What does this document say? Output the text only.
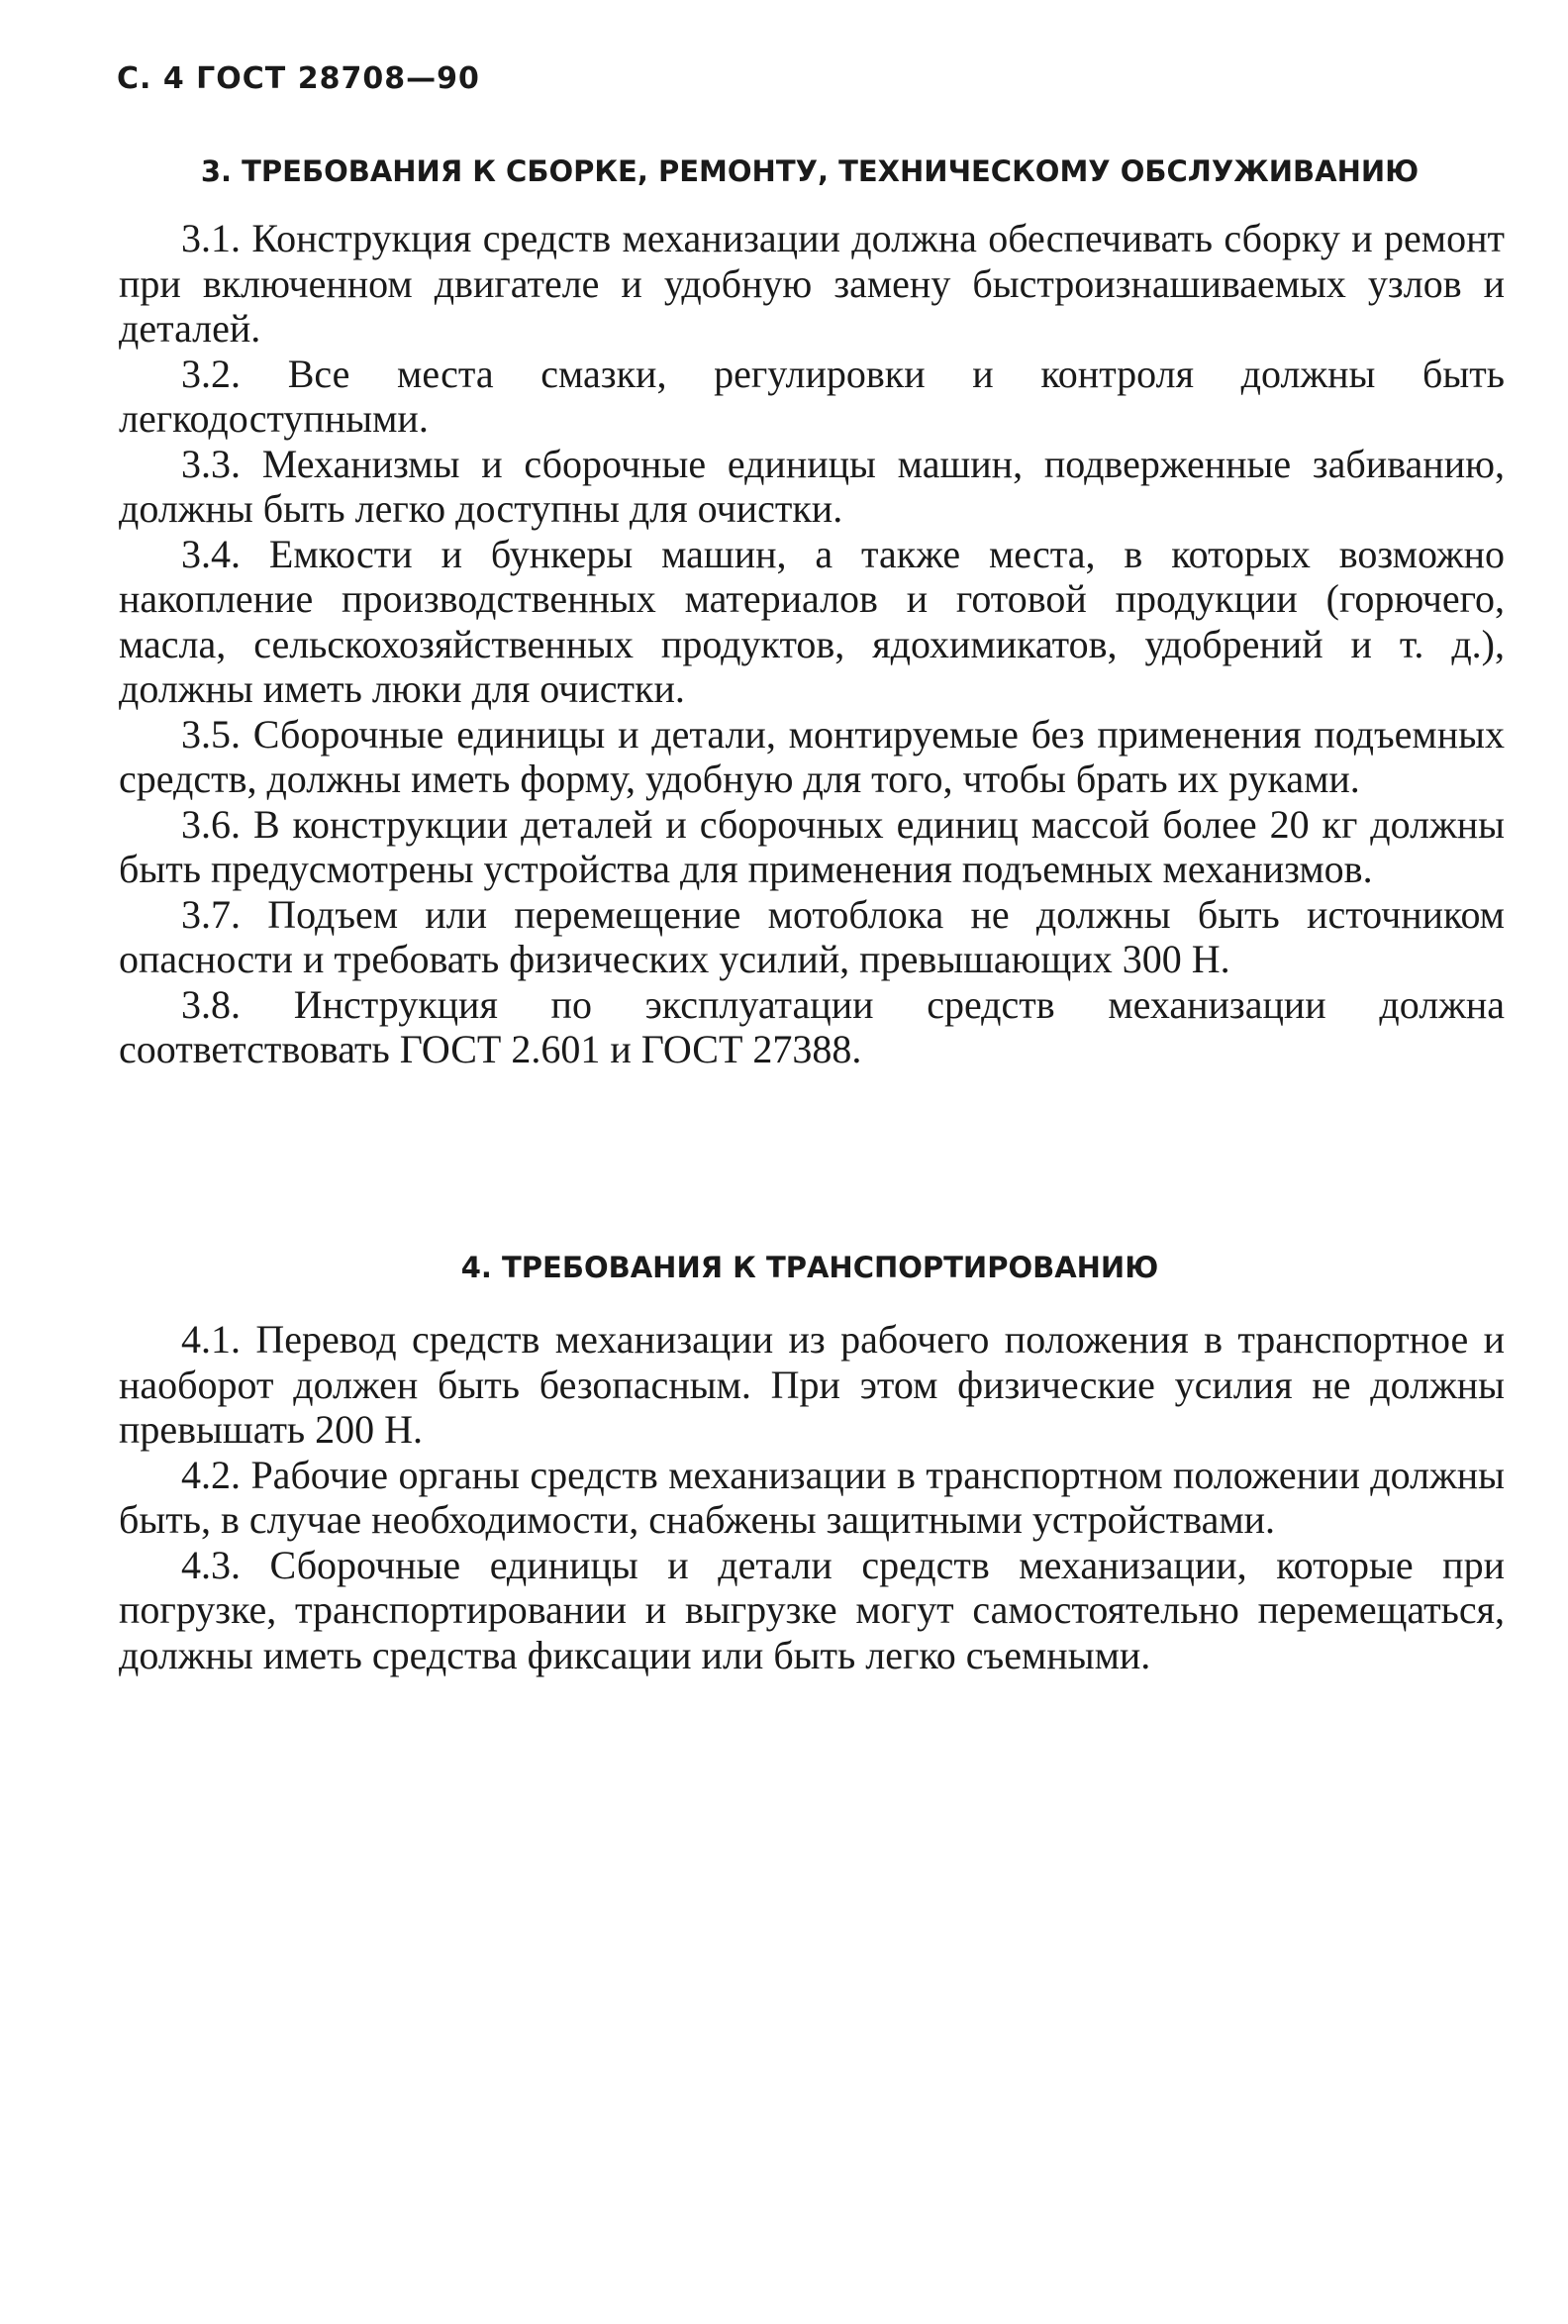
С. 4 ГОСТ 28708—90
3. ТРЕБОВАНИЯ К СБОРКЕ, РЕМОНТУ, ТЕХНИЧЕСКОМУ ОБСЛУЖИВАНИЮ

3.1. Конструкция средств механизации должна обеспечивать сборку и ремонт при включенном двигателе и удобную замену быстроизнашиваемых узлов и деталей.

3.2. Все места смазки, регулировки и контроля должны быть легкодоступными.

3.3. Механизмы и сборочные единицы машин, подверженные забиванию, должны быть легко доступны для очистки.

3.4. Емкости и бункеры машин, а также места, в которых возможно накопление производственных материалов и готовой продукции (горючего, масла, сельскохозяйственных продуктов, ядохимикатов, удобрений и т. д.), должны иметь люки для очистки.

3.5. Сборочные единицы и детали, монтируемые без применения подъемных средств, должны иметь форму, удобную для того, чтобы брать их руками.

3.6. В конструкции деталей и сборочных единиц массой более 20 кг должны быть предусмотрены устройства для применения подъемных механизмов.

3.7. Подъем или перемещение мотоблока не должны быть источником опасности и требовать физических усилий, превышающих 300 Н.

3.8. Инструкция по эксплуатации средств механизации должна соответствовать ГОСТ 2.601 и ГОСТ 27388.

4. ТРЕБОВАНИЯ К ТРАНСПОРТИРОВАНИЮ

4.1. Перевод средств механизации из рабочего положения в транспортное и наоборот должен быть безопасным. При этом физические усилия не должны превышать 200 Н.

4.2. Рабочие органы средств механизации в транспортном положении должны быть, в случае необходимости, снабжены защитными устройствами.

4.3. Сборочные единицы и детали средств механизации, которые при погрузке, транспортировании и выгрузке могут самостоятельно перемещаться, должны иметь средства фиксации или быть легко съемными.
